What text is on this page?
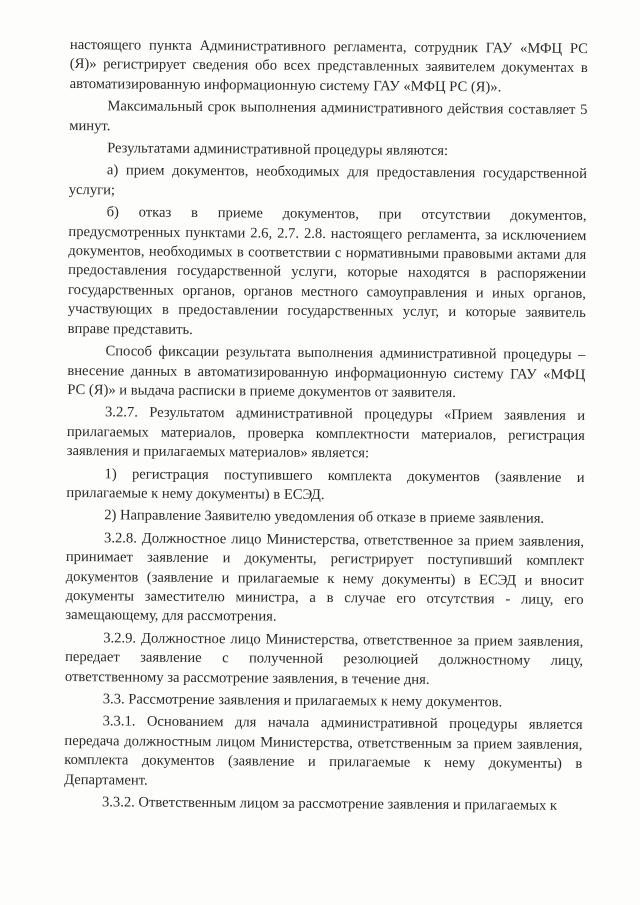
настоящего пункта Административного регламента, сотрудник ГАУ «МФЦ РС (Я)» регистрирует сведения обо всех представленных заявителем документах в автоматизированную информационную систему ГАУ «МФЦ РС (Я)».

Максимальный срок выполнения административного действия составляет 5 минут.

Результатами административной процедуры являются:

а) прием документов, необходимых для предоставления государственной услуги;

б) отказ в приеме документов, при отсутствии документов, предусмотренных пунктами 2.6, 2.7. 2.8. настоящего регламента, за исключением документов, необходимых в соответствии с нормативными правовыми актами для предоставления государственной услуги, которые находятся в распоряжении государственных органов, органов местного самоуправления и иных органов, участвующих в предоставлении государственных услуг, и которые заявитель вправе представить.

Способ фиксации результата выполнения административной процедуры – внесение данных в автоматизированную информационную систему ГАУ «МФЦ РС (Я)» и выдача расписки в приеме документов от заявителя.

3.2.7. Результатом административной процедуры «Прием заявления и прилагаемых материалов, проверка комплектности материалов, регистрация заявления и прилагаемых материалов» является:

1) регистрация поступившего комплекта документов (заявление и прилагаемые к нему документы) в ЕСЭД.

2) Направление Заявителю уведомления об отказе в приеме заявления.

3.2.8. Должностное лицо Министерства, ответственное за прием заявления, принимает заявление и документы, регистрирует поступивший комплект документов (заявление и прилагаемые к нему документы) в ЕСЭД и вносит документы заместителю министра, а в случае его отсутствия - лицу, его замещающему, для рассмотрения.

3.2.9. Должностное лицо Министерства, ответственное за прием заявления, передает заявление с полученной резолюцией должностному лицу, ответственному за рассмотрение заявления, в течение дня.

3.3. Рассмотрение заявления и прилагаемых к нему документов.

3.3.1. Основанием для начала административной процедуры является передача должностным лицом Министерства, ответственным за прием заявления, комплекта документов (заявление и прилагаемые к нему документы) в Департамент.

3.3.2. Ответственным лицом за рассмотрение заявления и прилагаемых к
